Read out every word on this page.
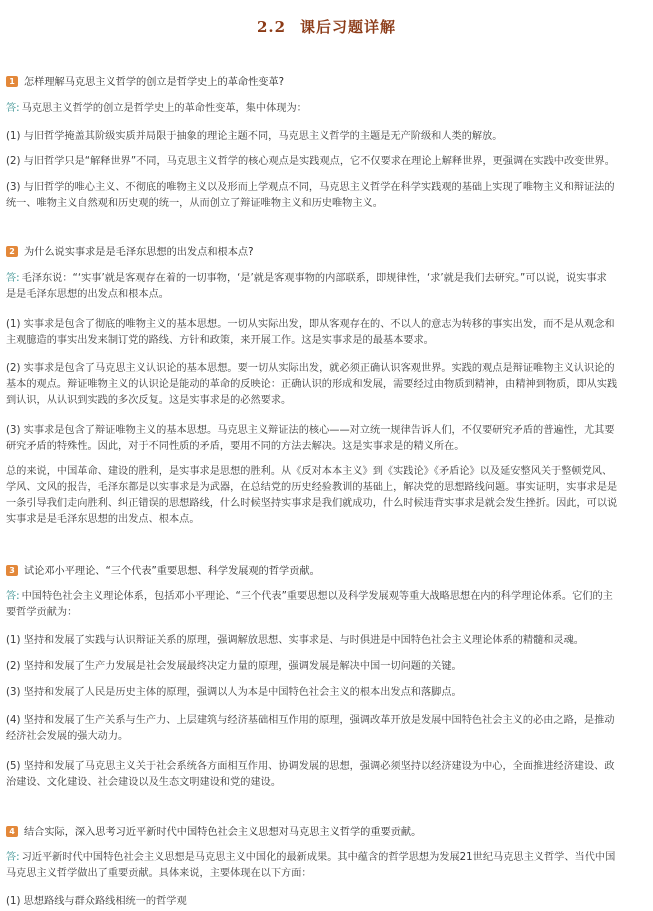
2.2 课后习题详解
1 怎样理解马克思主义哲学的创立是哲学史上的革命性变革?
答: 马克思主义哲学的创立是哲学史上的革命性变革，集中体现为：
(1) 与旧哲学掩盖其阶级实质并局限于抽象的理论主题不同，马克思主义哲学的主题是无产阶级和人类的解放。
(2) 与旧哲学只是“解释世界”不同，马克思主义哲学的核心观点是实践观点，它不仅要求在理论上解释世界，更强调在实践中改变世界。
(3) 与旧哲学的唯心主义、不彻底的唯物主义以及形而上学观点不同，马克思主义哲学在科学实践观的基础上实现了唯物主义和辩证法的
统一、唯物主义自然观和历史观的统一，从而创立了辩证唯物主义和历史唯物主义。
2 为什么说实事求是是毛泽东思想的出发点和根本点?
答: 毛泽东说：“‘实事’就是客观存在着的一切事物，‘是’就是客观事物的内部联系，即规律性，‘求’就是我们去研究。”可以说，说实事求
是是毛泽东思想的出发点和根本点。
(1) 实事求是包含了彻底的唯物主义的基本思想。一切从实际出发，即从客观存在的、不以人的意志为转移的事实出发，而不是从观念和
主观臆造的事实出发来制订党的路线、方针和政策，来开展工作。这是实事求是的最基本要求。
(2) 实事求是包含了马克思主义认识论的基本思想。要一切从实际出发，就必须正确认识客观世界。实践的观点是辩证唯物主义认识论的
基本的观点。辩证唯物主义的认识论是能动的革命的反映论：正确认识的形成和发展，需要经过由物质到精神，由精神到物质，即从实践
到认识，从认识到实践的多次反复。这是实事求是的必然要求。
(3) 实事求是包含了辩证唯物主义的基本思想。马克思主义辩证法的核心——对立统一规律告诉人们，不仅要研究矛盾的普遍性，尤其要
研究矛盾的特殊性。因此，对于不同性质的矛盾，要用不同的方法去解决。这是实事求是的精义所在。
总的来说，中国革命、建设的胜利，是实事求是思想的胜利。从《反对本本主义》到《实践论》《矛盾论》以及延安整风关于整顿党风、
学风、文风的报告，毛泽东都是以实事求是为武器，在总结党的历史经验教训的基础上，解决党的思想路线问题。事实证明，实事求是是
一条引导我们走向胜利、纠正错误的思想路线，什么时候坚持实事求是我们就成功，什么时候违背实事求是就会发生挫折。因此，可以说
实事求是是毛泽东思想的出发点、根本点。
3 试论邓小平理论、“三个代表”重要思想、科学发展观的哲学贡献。
答: 中国特色社会主义理论体系，包括邓小平理论、“三个代表”重要思想以及科学发展观等重大战略思想在内的科学理论体系。它们的主
要哲学贡献为：
(1) 坚持和发展了实践与认识辩证关系的原理，强调解放思想、实事求是、与时俱进是中国特色社会主义理论体系的精髓和灵魂。
(2) 坚持和发展了生产力发展是社会发展最终决定力量的原理，强调发展是解决中国一切问题的关键。
(3) 坚持和发展了人民是历史主体的原理，强调以人为本是中国特色社会主义的根本出发点和落脚点。
(4) 坚持和发展了生产关系与生产力、上层建筑与经济基础相互作用的原理，强调改革开放是发展中国特色社会主义的必由之路，是推动
经济社会发展的强大动力。
(5) 坚持和发展了马克思主义关于社会系统各方面相互作用、协调发展的思想，强调必须坚持以经济建设为中心，全面推进经济建设、政
治建设、文化建设、社会建设以及生态文明建设和党的建设。
4 结合实际，深入思考习近平新时代中国特色社会主义思想对马克思主义哲学的重要贡献。
答: 习近平新时代中国特色社会主义思想是马克思主义中国化的最新成果。其中蕴含的哲学思想为发展21世纪马克思主义哲学、当代中国
马克思主义哲学做出了重要贡献。具体来说，主要体现在以下方面：
(1) 思想路线与群众路线相统一的哲学观
